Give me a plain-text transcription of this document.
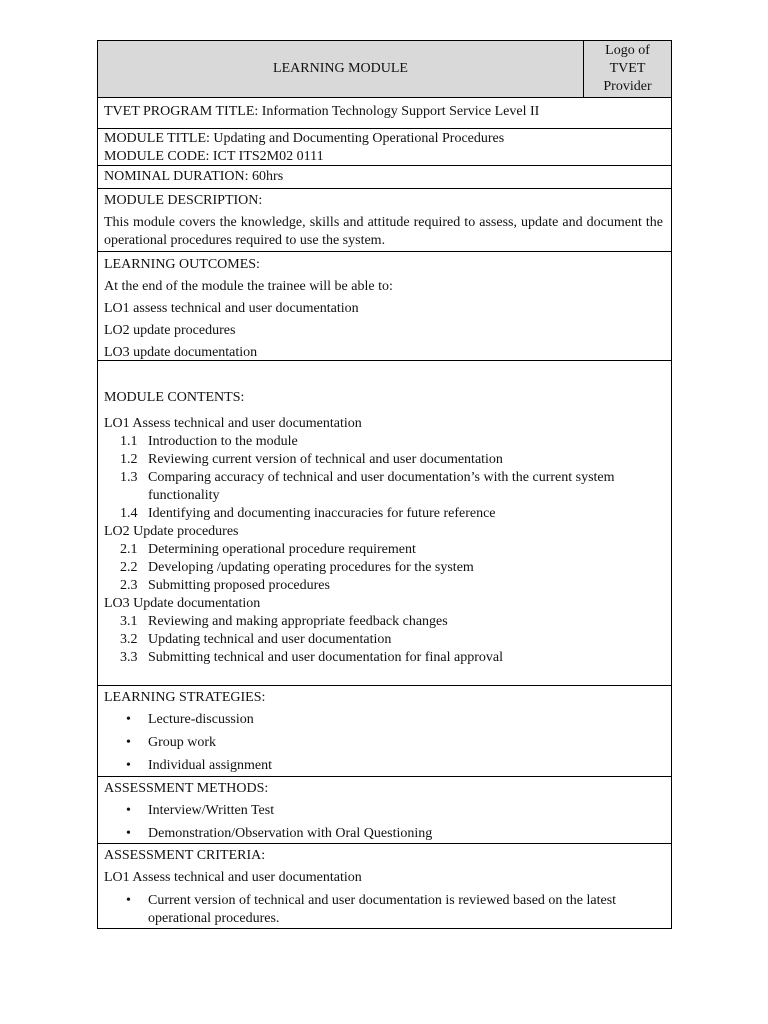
LEARNING MODULE
Logo of
TVET
Provider
TVET PROGRAM TITLE: Information Technology Support Service Level II
MODULE TITLE: Updating and Documenting Operational Procedures
MODULE CODE: ICT ITS2M02 0111
NOMINAL DURATION: 60hrs
MODULE DESCRIPTION:
This module covers the knowledge, skills and attitude required to assess, update and document the operational procedures required to use the system.
LEARNING OUTCOMES:
At the end of the module the trainee will be able to:
LO1 assess technical and user documentation
LO2 update procedures
LO3 update documentation
MODULE CONTENTS:
LO1 Assess technical and user documentation
1.1 Introduction to the module
1.2 Reviewing current version of technical and user documentation
1.3 Comparing accuracy of technical and user documentation’s with the current system functionality
1.4 Identifying and documenting inaccuracies for future reference
LO2 Update procedures
2.1 Determining operational procedure requirement
2.2 Developing /updating operating procedures for the system
2.3 Submitting proposed procedures
LO3 Update documentation
3.1 Reviewing and making appropriate feedback changes
3.2 Updating technical and user documentation
3.3 Submitting technical and user documentation for final approval
LEARNING STRATEGIES:
•	Lecture-discussion
•	Group work
•	Individual assignment
ASSESSMENT METHODS:
•	Interview/Written Test
•	Demonstration/Observation with Oral Questioning
ASSESSMENT CRITERIA:
LO1 Assess technical and user documentation
•	Current version of technical and user documentation is reviewed based on the latest operational procedures.
